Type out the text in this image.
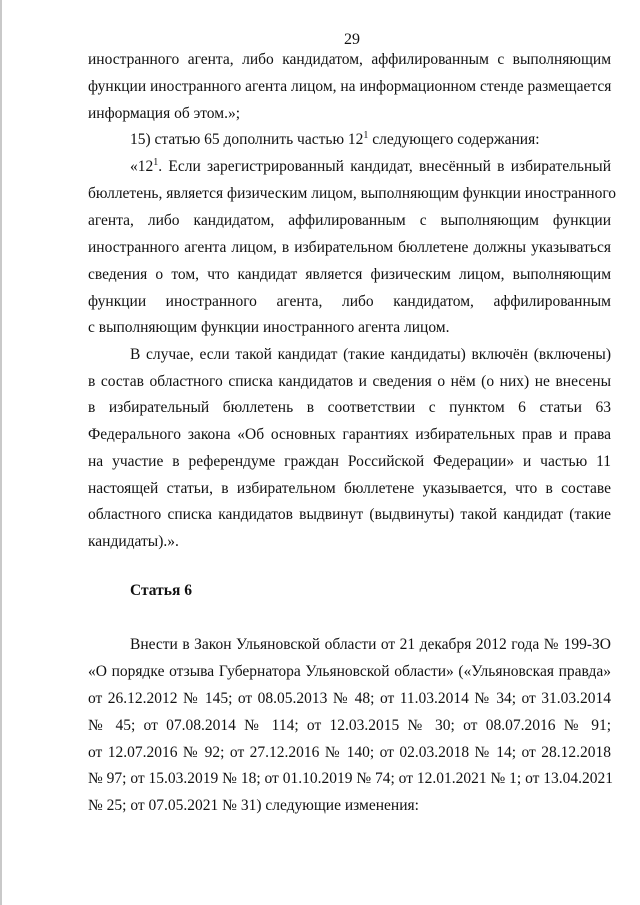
29
иностранного агента, либо кандидатом, аффилированным с выполняющим
функции иностранного агента лицом, на информационном стенде размещается
информация об этом.»;
15) статью 65 дополнить частью $12^1$ следующего содержания:
«$12^1$. Если зарегистрированный кандидат, внесённый в избирательный
бюллетень, является физическим лицом, выполняющим функции иностранного
агента, либо кандидатом, аффилированным с выполняющим функции
иностранного агента лицом, в избирательном бюллетене должны указываться
сведения о том, что кандидат является физическим лицом, выполняющим
функции иностранного агента, либо кандидатом, аффилированным
с выполняющим функции иностранного агента лицом.
В случае, если такой кандидат (такие кандидаты) включён (включены)
в состав областного списка кандидатов и сведения о нём (о них) не внесены
в избирательный бюллетень в соответствии с пунктом 6 статьи 63
Федерального закона «Об основных гарантиях избирательных прав и права
на участие в референдуме граждан Российской Федерации» и частью 11
настоящей статьи, в избирательном бюллетене указывается, что в составе
областного списка кандидатов выдвинут (выдвинуты) такой кандидат (такие
кандидаты).».
Статья 6
Внести в Закон Ульяновской области от 21 декабря 2012 года № 199-ЗО
«О порядке отзыва Губернатора Ульяновской области» («Ульяновская правда»
от 26.12.2012 № 145; от 08.05.2013 № 48; от 11.03.2014 № 34; от 31.03.2014
№ 45; от 07.08.2014 № 114; от 12.03.2015 № 30; от 08.07.2016 № 91;
от 12.07.2016 № 92; от 27.12.2016 № 140; от 02.03.2018 № 14; от 28.12.2018
№ 97; от 15.03.2019 № 18; от 01.10.2019 № 74; от 12.01.2021 № 1; от 13.04.2021
№ 25; от 07.05.2021 № 31) следующие изменения:
